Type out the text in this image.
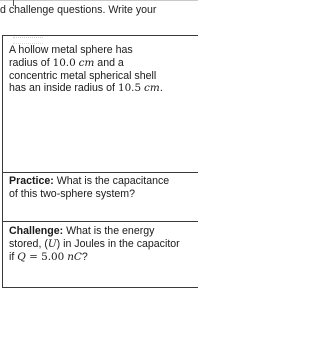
d challenge questions. Write your
A hollow metal sphere has
radius of 10.0 cm and a
concentric metal spherical shell
has an inside radius of 10.5 cm.
Practice: What is the capacitance of this two-sphere system?
Challenge: What is the energy stored, (U) in Joules in the capacitor if Q = 5.00 nC?
